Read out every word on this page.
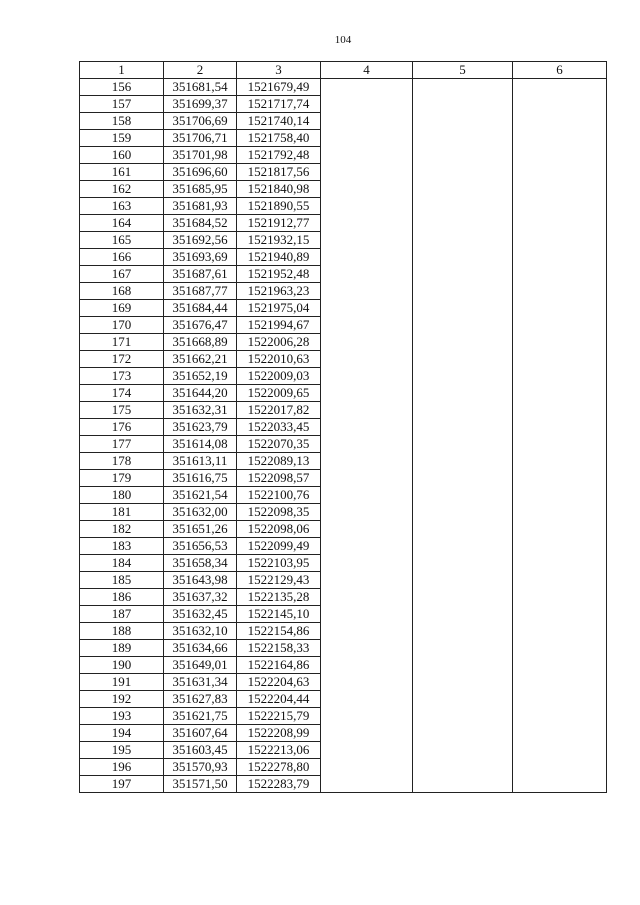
104
1	2	3	4	5	6
156	351681,54	1521679,49			
157	351699,37	1521717,74			
158	351706,69	1521740,14			
159	351706,71	1521758,40			
160	351701,98	1521792,48			
161	351696,60	1521817,56			
162	351685,95	1521840,98			
163	351681,93	1521890,55			
164	351684,52	1521912,77			
165	351692,56	1521932,15			
166	351693,69	1521940,89			
167	351687,61	1521952,48			
168	351687,77	1521963,23			
169	351684,44	1521975,04			
170	351676,47	1521994,67			
171	351668,89	1522006,28			
172	351662,21	1522010,63			
173	351652,19	1522009,03			
174	351644,20	1522009,65			
175	351632,31	1522017,82			
176	351623,79	1522033,45			
177	351614,08	1522070,35			
178	351613,11	1522089,13			
179	351616,75	1522098,57			
180	351621,54	1522100,76			
181	351632,00	1522098,35			
182	351651,26	1522098,06			
183	351656,53	1522099,49			
184	351658,34	1522103,95			
185	351643,98	1522129,43			
186	351637,32	1522135,28			
187	351632,45	1522145,10			
188	351632,10	1522154,86			
189	351634,66	1522158,33			
190	351649,01	1522164,86			
191	351631,34	1522204,63			
192	351627,83	1522204,44			
193	351621,75	1522215,79			
194	351607,64	1522208,99			
195	351603,45	1522213,06			
196	351570,93	1522278,80			
197	351571,50	1522283,79			
